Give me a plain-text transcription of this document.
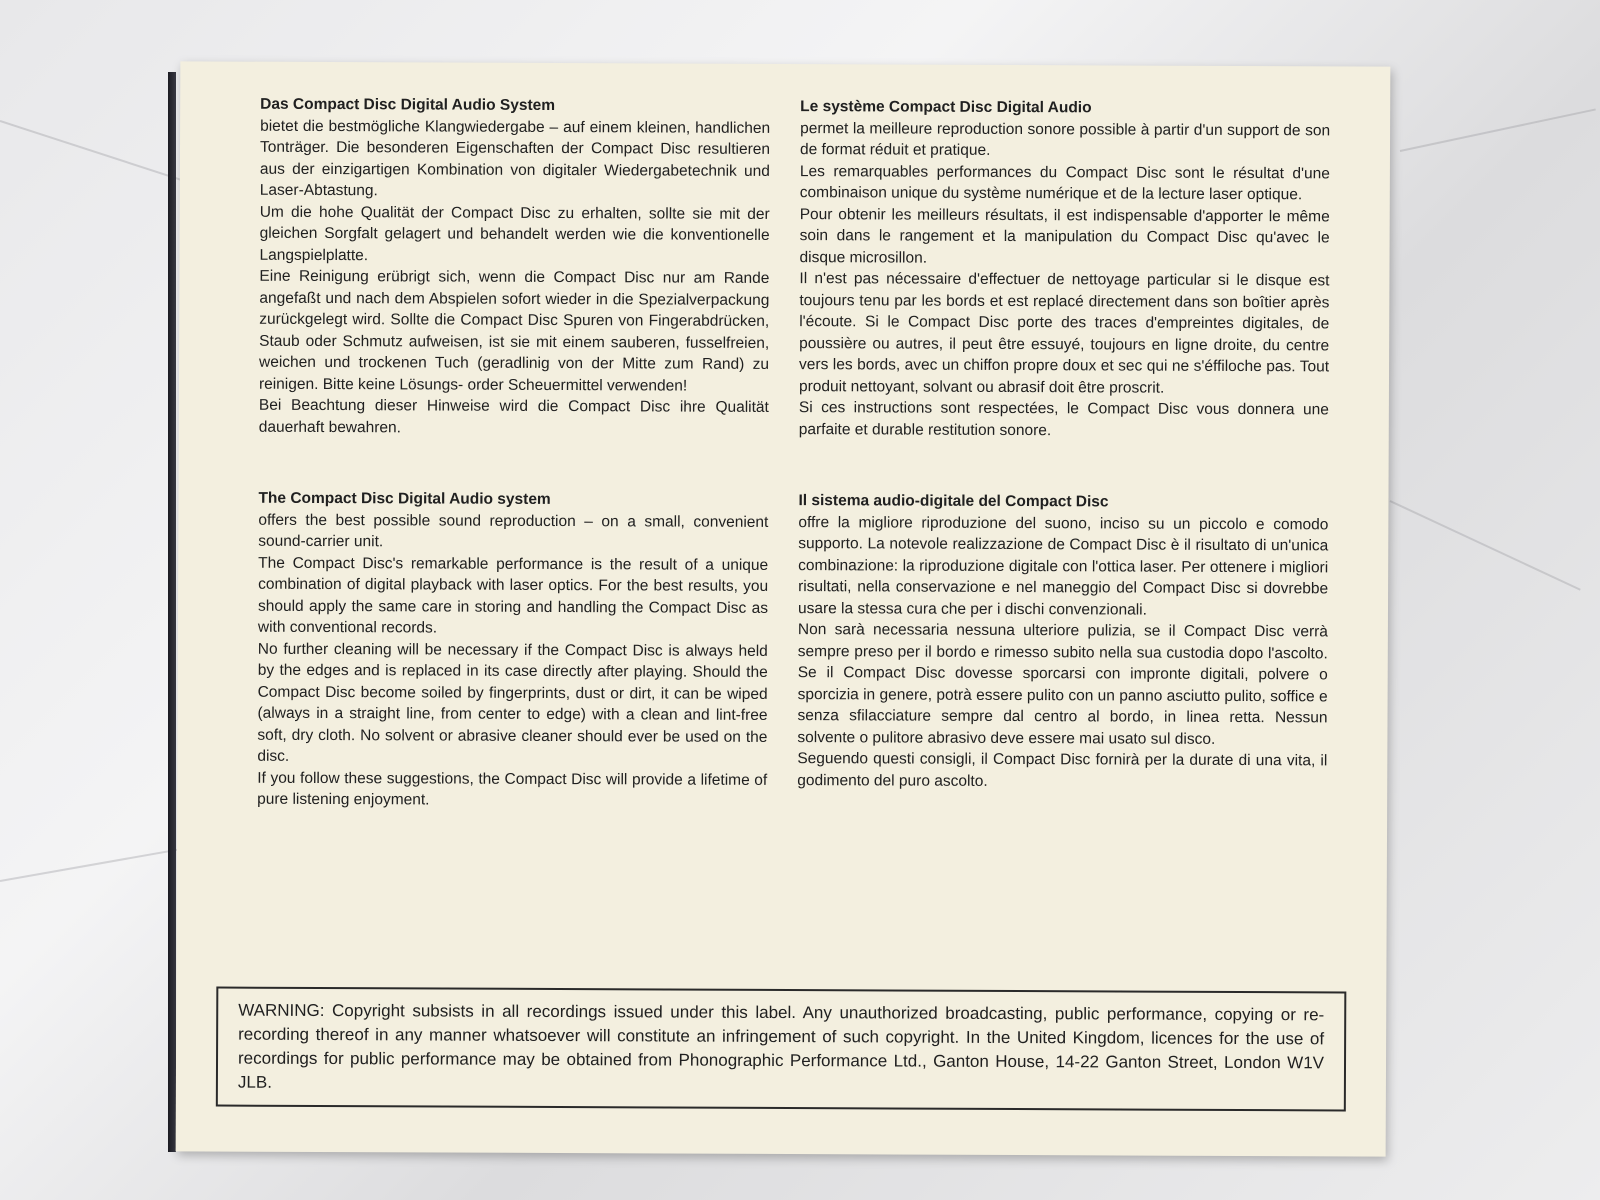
Das Compact Disc Digital Audio System

bietet die bestmögliche Klangwiedergabe – auf einem kleinen, handlichen Tonträger. Die besonderen Eigenschaften der Compact Disc resultieren aus der einzigartigen Kombination von digitaler Wiedergabetechnik und Laser-Abtastung.

Um die hohe Qualität der Compact Disc zu erhalten, sollte sie mit der gleichen Sorgfalt gelagert und behandelt werden wie die konventionelle Langspielplatte.

Eine Reinigung erübrigt sich, wenn die Compact Disc nur am Rande angefaßt und nach dem Abspielen sofort wieder in die Spezialverpackung zurückgelegt wird. Sollte die Compact Disc Spuren von Fingerabdrücken, Staub oder Schmutz aufweisen, ist sie mit einem sauberen, fusselfreien, weichen und trockenen Tuch (geradlinig von der Mitte zum Rand) zu reinigen. Bitte keine Lösungs- order Scheuermittel verwenden!

Bei Beachtung dieser Hinweise wird die Compact Disc ihre Qualität dauerhaft bewahren.

The Compact Disc Digital Audio system

offers the best possible sound reproduction – on a small, convenient sound-carrier unit.

The Compact Disc's remarkable performance is the result of a unique combination of digital playback with laser optics. For the best results, you should apply the same care in storing and handling the Compact Disc as with conventional records.

No further cleaning will be necessary if the Compact Disc is always held by the edges and is replaced in its case directly after playing. Should the Compact Disc become soiled by fingerprints, dust or dirt, it can be wiped (always in a straight line, from center to edge) with a clean and lint-free soft, dry cloth. No solvent or abrasive cleaner should ever be used on the disc.

If you follow these suggestions, the Compact Disc will provide a lifetime of pure listening enjoyment.

Le système Compact Disc Digital Audio

permet la meilleure reproduction sonore possible à partir d'un support de son de format réduit et pratique.

Les remarquables performances du Compact Disc sont le résultat d'une combinaison unique du système numérique et de la lecture laser optique.

Pour obtenir les meilleurs résultats, il est indispensable d'apporter le même soin dans le rangement et la manipulation du Compact Disc qu'avec le disque microsillon.

Il n'est pas nécessaire d'effectuer de nettoyage particular si le disque est toujours tenu par les bords et est replacé directement dans son boîtier après l'écoute. Si le Compact Disc porte des traces d'empreintes digitales, de poussière ou autres, il peut être essuyé, toujours en ligne droite, du centre vers les bords, avec un chiffon propre doux et sec qui ne s'éffiloche pas. Tout produit nettoyant, solvant ou abrasif doit être proscrit.

Si ces instructions sont respectées, le Compact Disc vous donnera une parfaite et durable restitution sonore.

Il sistema audio-digitale del Compact Disc

offre la migliore riproduzione del suono, inciso su un piccolo e comodo supporto. La notevole realizzazione de Compact Disc è il risultato di un'unica combinazione: la riproduzione digitale con l'ottica laser. Per ottenere i migliori risultati, nella conservazione e nel maneggio del Compact Disc si dovrebbe usare la stessa cura che per i dischi convenzionali.

Non sarà necessaria nessuna ulteriore pulizia, se il Compact Disc verrà sempre preso per il bordo e rimesso subito nella sua custodia dopo l'ascolto. Se il Compact Disc dovesse sporcarsi con impronte digitali, polvere o sporcizia in genere, potrà essere pulito con un panno asciutto pulito, soffice e senza sfilacciature sempre dal centro al bordo, in linea retta. Nessun solvente o pulitore abrasivo deve essere mai usato sul disco.

Seguendo questi consigli, il Compact Disc fornirà per la durate di una vita, il godimento del puro ascolto.

WARNING: Copyright subsists in all recordings issued under this label. Any unauthorized broadcasting, public performance, copying or re-recording thereof in any manner whatsoever will constitute an infringement of such copyright. In the United Kingdom, licences for the use of recordings for public performance may be obtained from Phonographic Performance Ltd., Ganton House, 14-22 Ganton Street, London W1V JLB.
